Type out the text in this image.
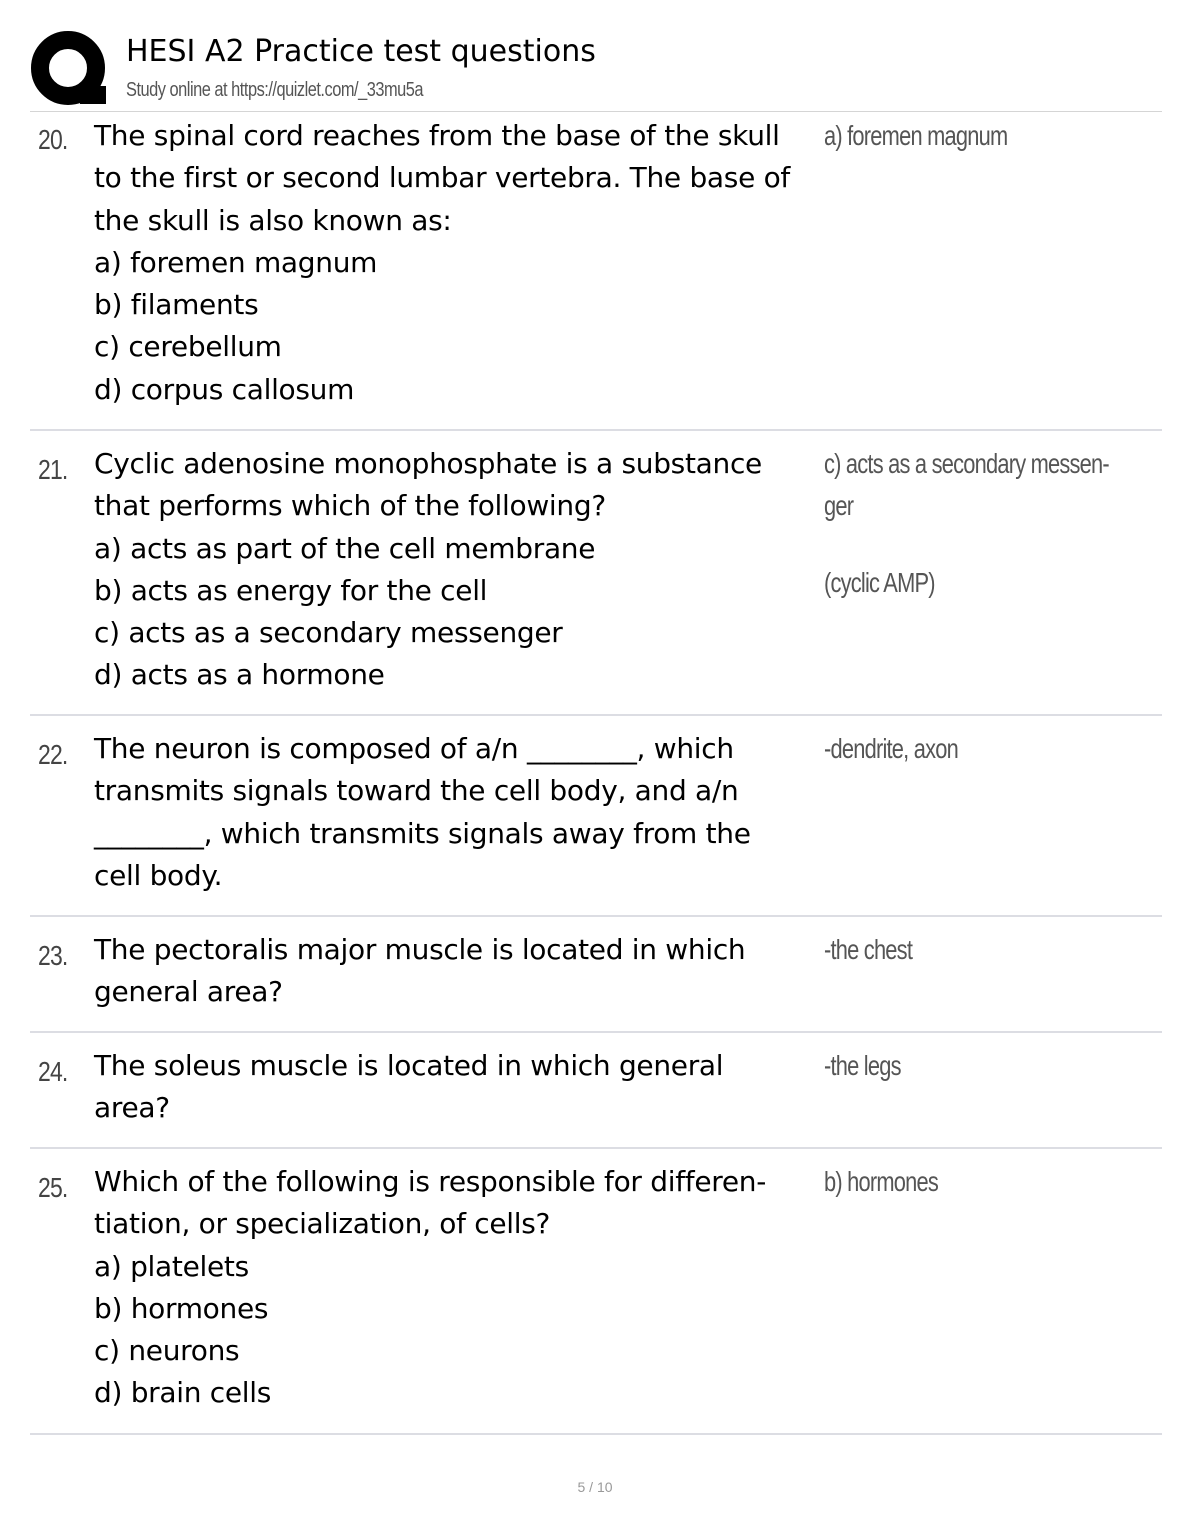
HESI A2 Practice test questions
Study online at https://quizlet.com/_33mu5a
20. The spinal cord reaches from the base of the skull
to the first or second lumbar vertebra. The base of
the skull is also known as:
a) foremen magnum
b) filaments
c) cerebellum
d) corpus callosum
a) foremen magnum
21. Cyclic adenosine monophosphate is a substance
that performs which of the following?
a) acts as part of the cell membrane
b) acts as energy for the cell
c) acts as a secondary messenger
d) acts as a hormone
c) acts as a secondary messen-
ger
(cyclic AMP)
22. The neuron is composed of a/n ________, which
transmits signals toward the cell body, and a/n
________, which transmits signals away from the
cell body.
-dendrite, axon
23. The pectoralis major muscle is located in which
general area?
-the chest
24. The soleus muscle is located in which general
area?
-the legs
25. Which of the following is responsible for differen-
tiation, or specialization, of cells?
a) platelets
b) hormones
c) neurons
d) brain cells
b) hormones
5 / 10
